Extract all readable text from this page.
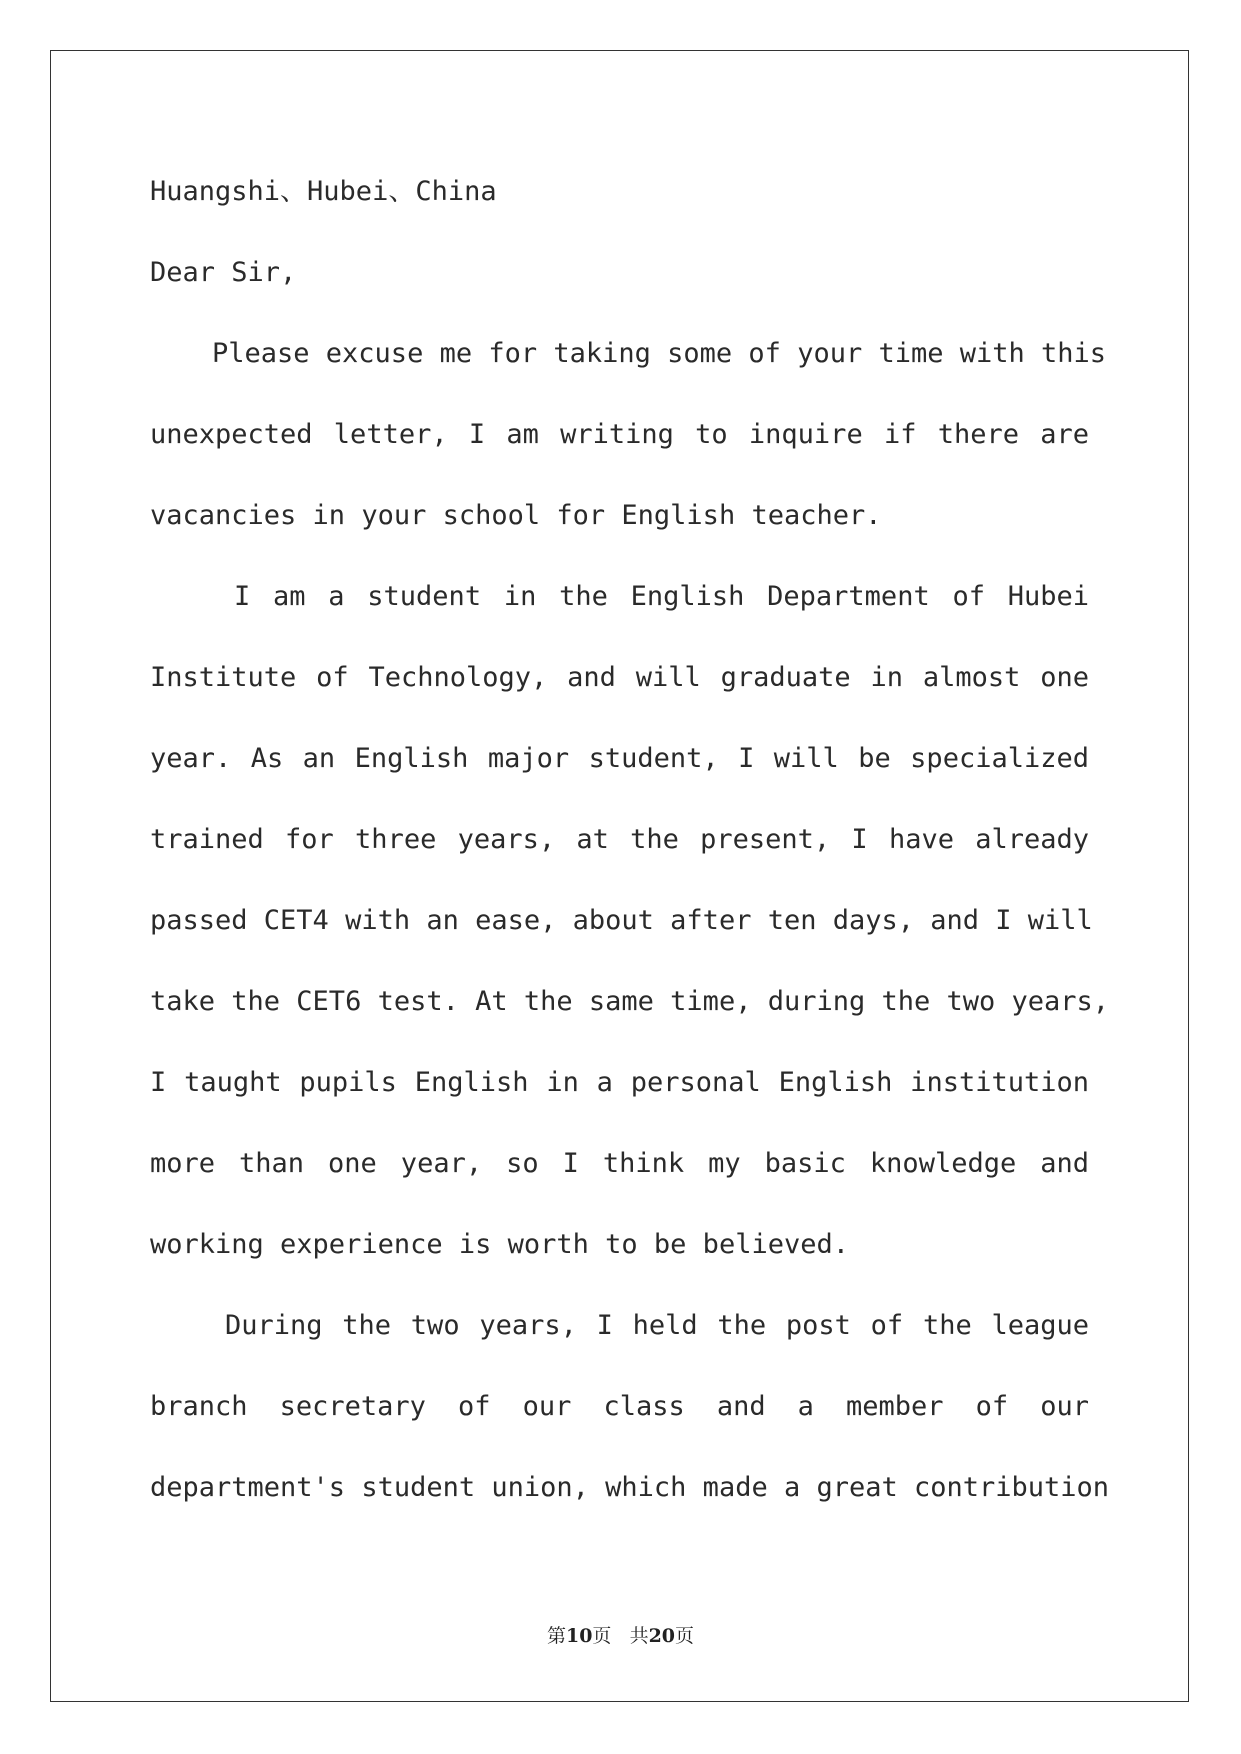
Huangshi、Hubei、China
Dear Sir,
Please excuse me for taking some of your time with this
unexpected letter, I am writing to inquire if there are
vacancies in your school for English teacher.
I am a student in the English Department of Hubei
Institute of Technology, and will graduate in almost one
year. As an English major student, I will be specialized
trained for three years, at the present, I have already
passed CET4 with an ease, about after ten days, and I will
take the CET6 test. At the same time, during the two years,
I taught pupils English in a personal English institution
more than one year, so I think my basic knowledge and
working experience is worth to be believed.
During the two years, I held the post of the league
branch secretary of our class and a member of our
department's student union, which made a great contribution
第10页 共20页
